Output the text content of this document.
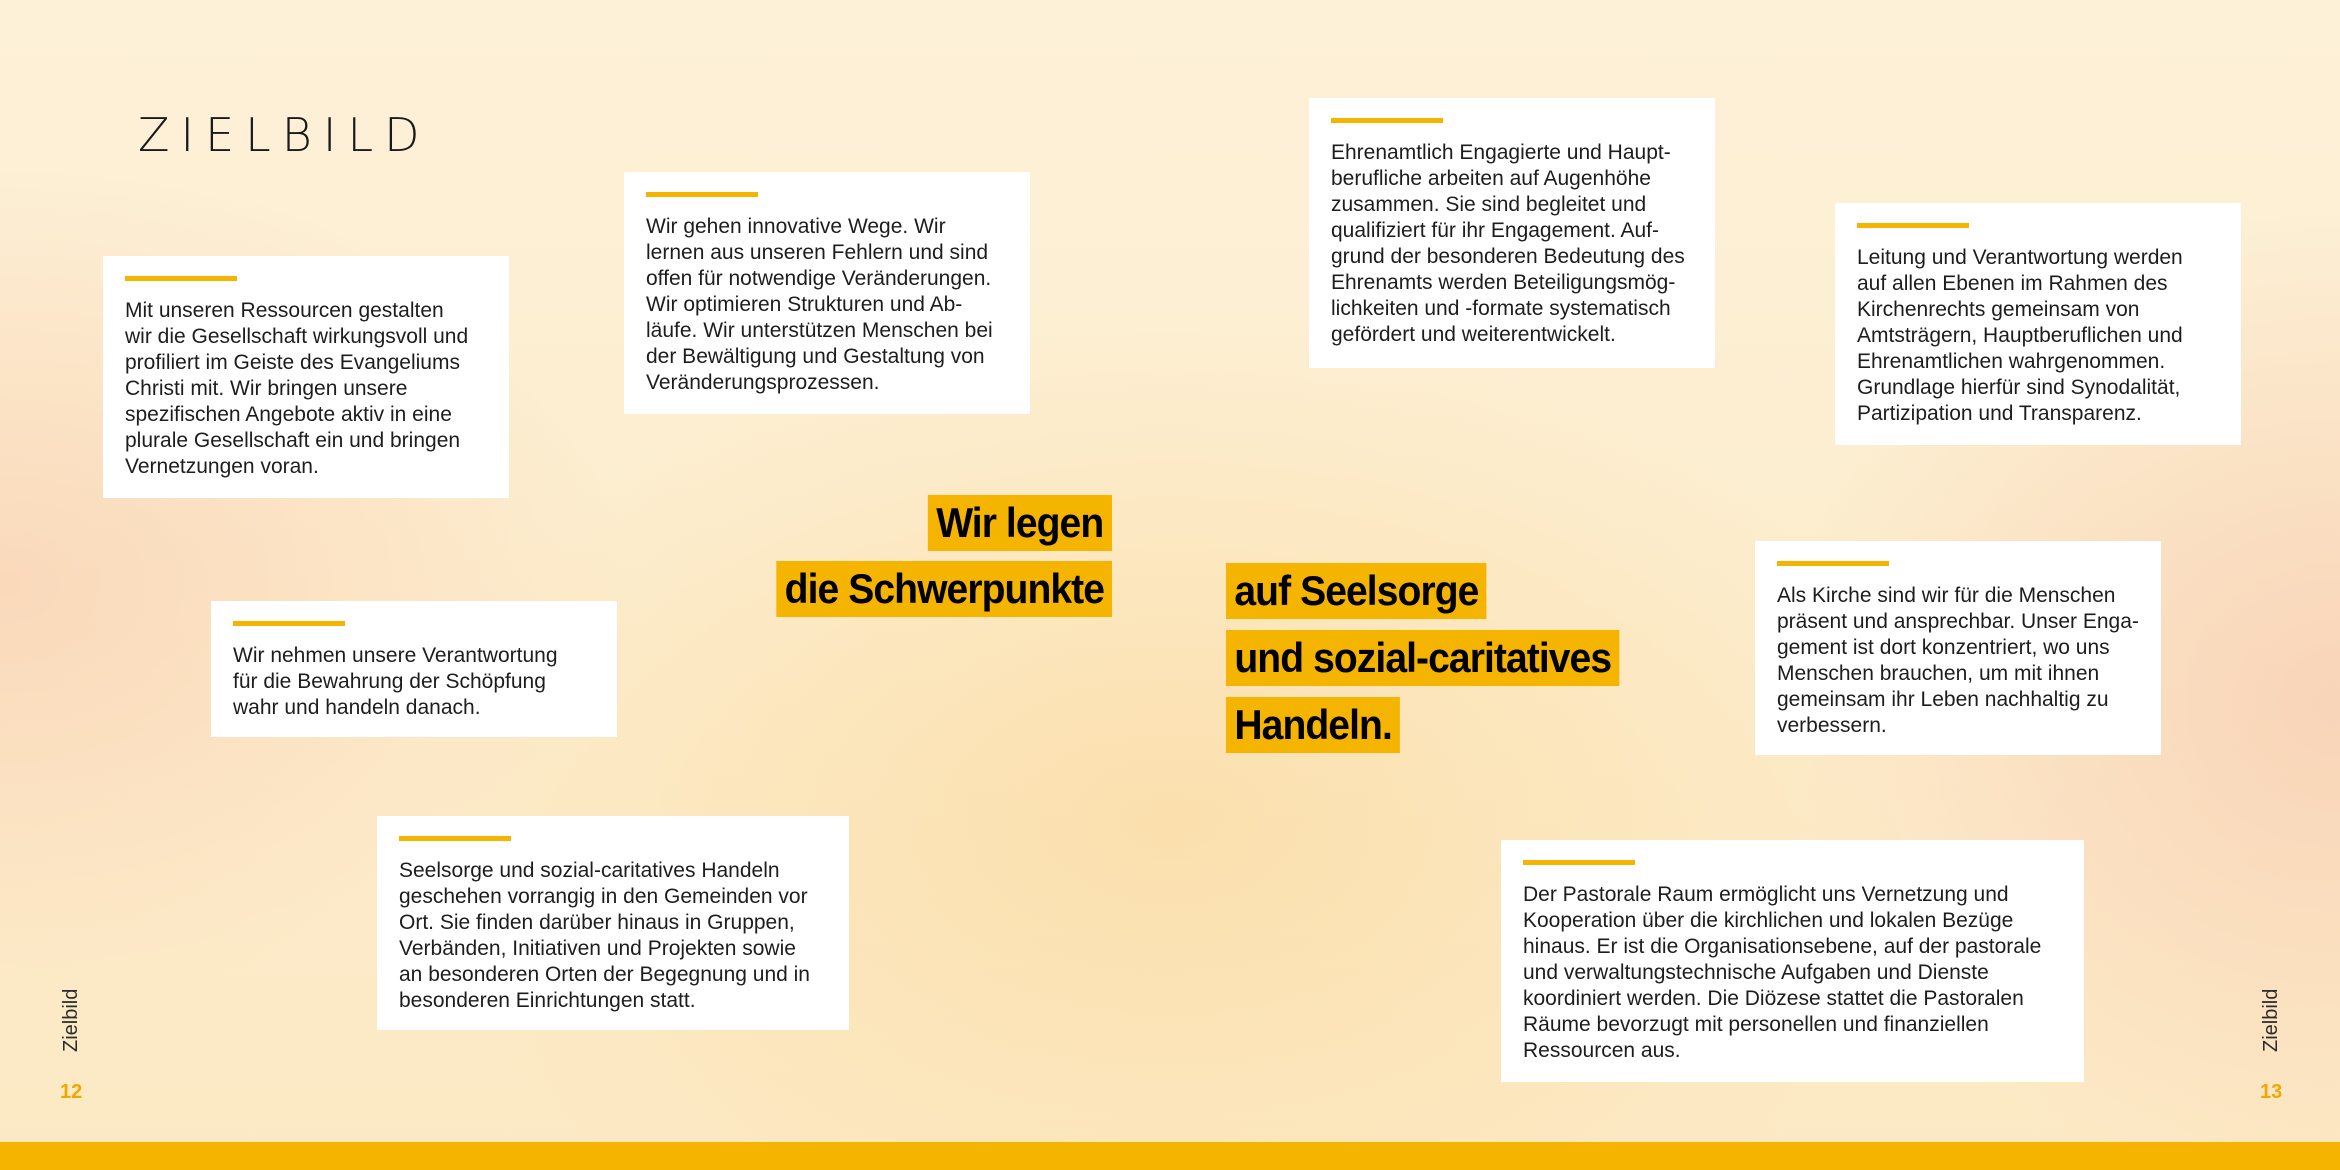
ZIELBILD

Mit unseren Ressourcen gestalten
wir die Gesellschaft wirkungsvoll und
profiliert im Geiste des Evangeliums
Christi mit. Wir bringen unsere
spezifischen Angebote aktiv in eine
plurale Gesellschaft ein und bringen
Vernetzungen voran.

Wir gehen innovative Wege. Wir
lernen aus unseren Fehlern und sind
offen für notwendige Veränderungen.
Wir optimieren Strukturen und Ab-
läufe. Wir unterstützen Menschen bei
der Bewältigung und Gestaltung von
Veränderungsprozessen.

Wir nehmen unsere Verantwortung
für die Bewahrung der Schöpfung
wahr und handeln danach.

Seelsorge und sozial-caritatives Handeln
geschehen vorrangig in den Gemeinden vor
Ort. Sie finden darüber hinaus in Gruppen,
Verbänden, Initiativen und Projekten sowie
an besonderen Orten der Begegnung und in
besonderen Einrichtungen statt.

Ehrenamtlich Engagierte und Haupt-
berufliche arbeiten auf Augenhöhe
zusammen. Sie sind begleitet und
qualifiziert für ihr Engagement. Auf-
grund der besonderen Bedeutung des
Ehrenamts werden Beteiligungsmög-
lichkeiten und -formate systematisch
gefördert und weiterentwickelt.

Leitung und Verantwortung werden
auf allen Ebenen im Rahmen des
Kirchenrechts gemeinsam von
Amtsträgern, Hauptberuflichen und
Ehrenamtlichen wahrgenommen.
Grundlage hierfür sind Synodalität,
Partizipation und Transparenz.

Als Kirche sind wir für die Menschen
präsent und ansprechbar. Unser Enga-
gement ist dort konzentriert, wo uns
Menschen brauchen, um mit ihnen
gemeinsam ihr Leben nachhaltig zu
verbessern.

Der Pastorale Raum ermöglicht uns Vernetzung und
Kooperation über die kirchlichen und lokalen Bezüge
hinaus. Er ist die Organisationsebene, auf der pastorale
und verwaltungstechnische Aufgaben und Dienste
koordiniert werden. Die Diözese stattet die Pastoralen
Räume bevorzugt mit personellen und finanziellen
Ressourcen aus.

Wir legen
die Schwerpunkte	auf Seelsorge
und sozial-caritatives
Handeln.
Zielbild	Zielbild
12	13
